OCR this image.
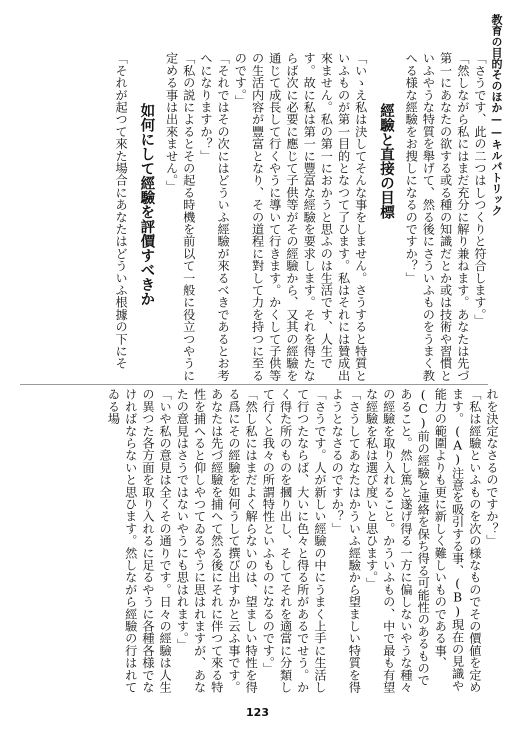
教育の目的そのほか——キルパトリック

「さうです、此の二つはしつくりと符合します。」

「然しながら私にはまだ充分に解り兼ねます。あなたは先づ第一にあなたの欲する或る種の知識だとか或は技術や習慣といふやうな特質を舉げて、然る後にさういふものをうまく教へる様な經驗をお搜しになるのですか？」

經驗と直接の目標

「いゝえ私は決してそんな事をしません。さうすると特質といふものが第一目的となつて了ひます。私はそれには贊成出來ません。私の第一におかうと思ふのは生活です、人生です。故に私は第一に豐富な經驗を要求します。それを得たならば次に必要に應じて子供等がその經驗から、又其の經驗を通じて成長して行くやうに導いて行きます。かくして子供等の生活内容が豐富となり、その道程に對して力を持つに至るのです。」

「それではその次にはどういふ經驗が來るべきであるとお考へになりますか？」

「私の説によるとその起る時機を前以て一般に役立つやうに定める事は出來ません。」

如何にして經驗を評價すべきか

「それが起つて來た場合にあなたはどういふ根據の下にそ

れを決定なさるのですか？」

「私は經驗といふものを次の様なものでその價値を定めます。(A)注意を吸引する事、(B)現在の見識や能力の範圍よりも更に新しく難しいものである事、(C)前の經驗と連絡を保ち得る可能性のあるものであること。然し篤と遂げ得る一方に偏しないやうな種々の經驗を取り入れること。かういふもの、中で最も有望な經驗を私は選び度いと思ひます。」

「さうしてあなたはかういふ經驗から望ましい特質を得ようとなさるのですか？」

「さうです。人が新しい經驗の中にうまく上手に生活して行つたならば、大いに色々と得る所があるでせう。かく得た所のものを摑り出し、そしてそれを適當に分類して行くと我々の所謂特性といふものになるのです。」

「然し私にはまだよく解らないのは、望ましい特性を得る爲にその經驗を如何うして撰び出すかと云ふ事です。あなたは先づ經驗を捕へて然る後にそれに伴つて來る特性を捕へると仰しやつてゐるやうに思はれますが、あなたの意見はさうではないやうにも思はれます。」

「いや私の意見は全くその通りです。日々の經驗は人生の異つた各方面を取り入れるに足るやうに各種各様でなければならないと思ひます。然しながら經驗の行はれてゐる場

123
